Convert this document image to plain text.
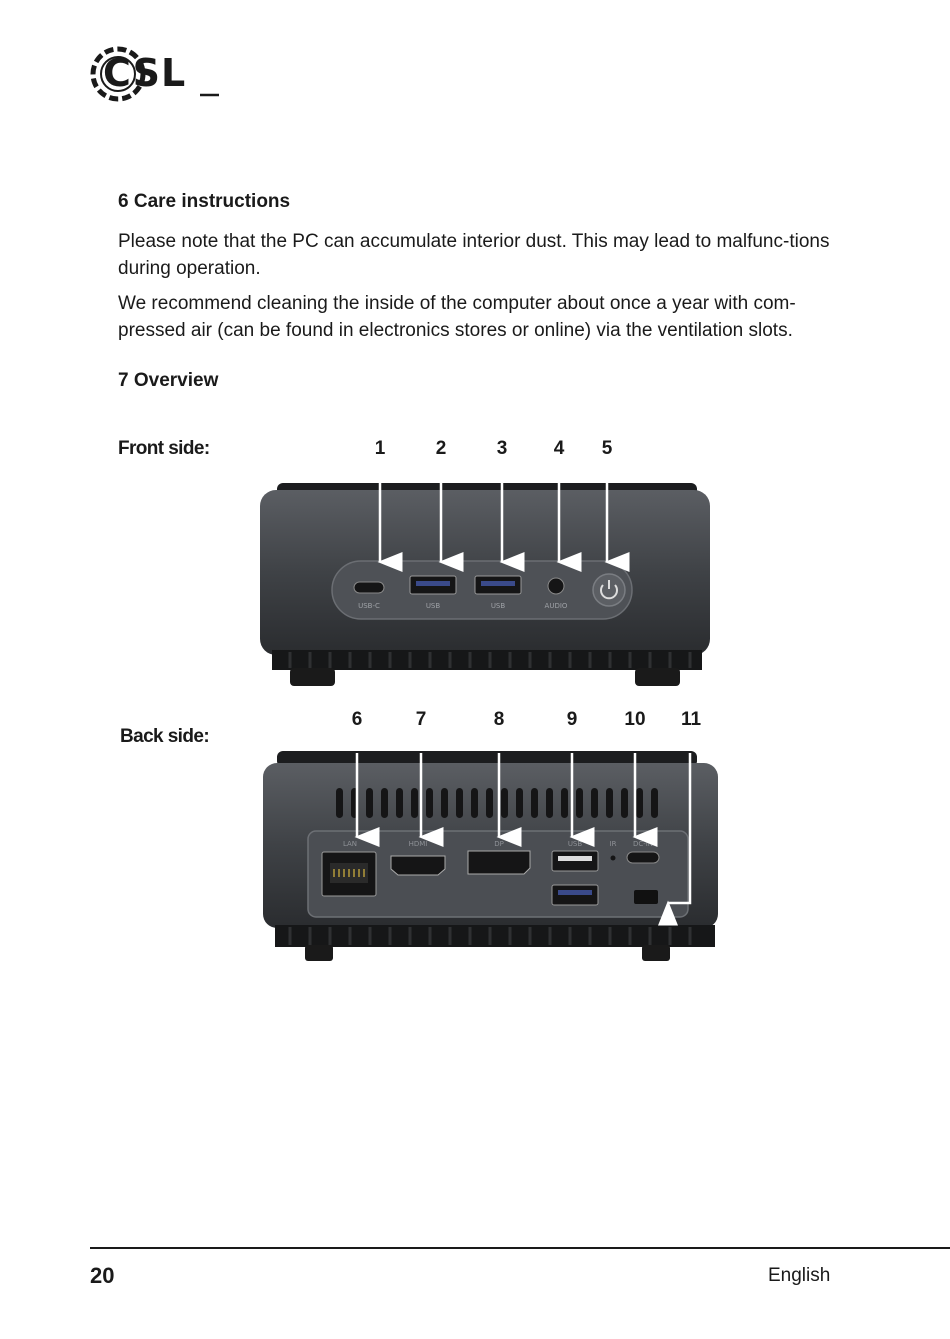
CSL
6 Care instructions

Please note that the PC can accumulate interior dust. This may lead to malfunc-tions during operation.

We recommend cleaning the inside of the computer about once a year with com-pressed air (can be found in electronics stores or online) via the ventilation slots.

7 Overview
Front side:	1	2	3	4	5
USB-C	USB	USB	AUDIO
Back side:
6	7	8	9	10	11
LAN	HDMI	DP	USB	IR DC-IN
20	English
